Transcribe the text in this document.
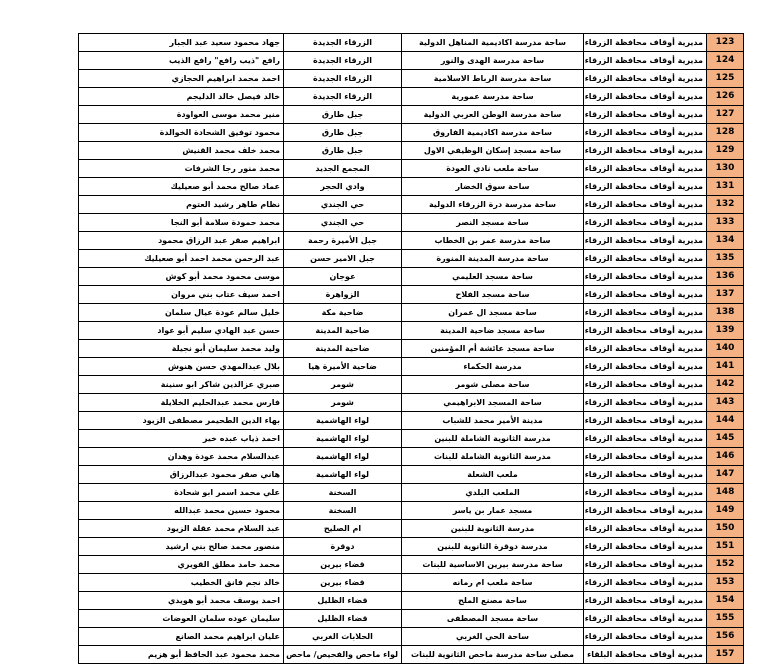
جهاد محمود سعيد عبد الجبار	الزرقاء الجديدة	ساحة مدرسة اكاديمية المناهل الدولية	مديرية أوقاف محافظة الزرقاء	123
رافع "ذيب رافع" رافع الذيب	الزرقاء الجديدة	ساحة مدرسة الهدى والنور	مديرية أوقاف محافظة الزرقاء	124
احمد محمد ابراهيم الحجازي	الزرقاء الجديدة	ساحة مدرسة الرباط الاسلامية	مديرية أوقاف محافظة الزرقاء	125
خالد فيصل خالد الدليجم	الزرقاء الجديدة	ساحة مدرسة عمورية	مديرية أوقاف محافظة الزرقاء	126
منير محمد موسى العواودة	جبل طارق	ساحة مدرسة الوطن العربي الدولية	مديرية أوقاف محافظة الزرقاء	127
محمود توفيق الشحادة الخوالدة	جبل طارق	ساحة مدرسة اكاديمية الفاروق	مديرية أوقاف محافظة الزرقاء	128
محمد خلف محمد القنيش	جبل طارق	ساحة مسجد إسكان الوظيفي الاول	مديرية أوقاف محافظة الزرقاء	129
محمد منور رجا الشرفات	المجمع الجديد	ساحة ملعب نادي العودة	مديرية أوقاف محافظة الزرقاء	130
عماد صالح محمد أبو صعيليك	وادي الحجر	ساحة سوق الخضار	مديرية أوقاف محافظة الزرقاء	131
نظام طاهر رشيد العتوم	حي الجندي	ساحة مدرسة درة الزرقاء الدولية	مديرية أوقاف محافظة الزرقاء	132
محمد حمودة سلامة أبو النجا	حي الجندي	ساحة مسجد النصر	مديرية أوقاف محافظة الزرقاء	133
ابراهيم صقر عبد الرزاق محمود	جبل الأميرة رحمة	ساحة مدرسة عمر بن الخطاب	مديرية أوقاف محافظة الزرقاء	134
عبد الرحمن محمد احمد أبو صعيليك	جبل الامير حسن	ساحة مدرسة المدينة المنورة	مديرية أوقاف محافظة الزرقاء	135
موسى محمود محمد أبو كوش	عوجان	ساحة مسجد العليمي	مديرية أوقاف محافظة الزرقاء	136
احمد سيف عتاب بني مروان	الزواهرة	ساحة مسجد الفلاح	مديرية أوقاف محافظة الزرقاء	137
خليل سالم عودة عيال سلمان	ضاحية مكة	ساحة مسجد ال عمران	مديرية أوقاف محافظة الزرقاء	138
حسن عبد الهادي سليم أبو عواد	ضاحية المدينة	ساحة مسجد ضاحية المدينة	مديرية أوقاف محافظة الزرقاء	139
وليد محمد سليمان أبو نجيلة	ضاحية المدينة	ساحة مسجد عائشة أم المؤمنين	مديرية أوقاف محافظة الزرقاء	140
بلال عبدالمهدي حسن هنوش	ضاحية الأميرة هيا	مدرسة الحكماء	مديرية أوقاف محافظة الزرقاء	141
صبري عزالدين شاكر ابو سنينة	شومر	ساحة مصلى شومر	مديرية أوقاف محافظة الزرقاء	142
فارس محمد عبدالحليم الخلايلة	شومر	ساحة المسجد الابراهيمي	مديرية أوقاف محافظة الزرقاء	143
بهاء الدين الطحيمر مصطفى الزيود	لواء الهاشمية	مدينة الأمير محمد للشباب	مديرية أوقاف محافظة الزرقاء	144
احمد ذياب عبده خير	لواء الهاشمية	مدرسة الثانوية الشاملة للبنين	مديرية أوقاف محافظة الزرقاء	145
عبدالسلام محمد عودة وهدان	لواء الهاشمية	مدرسة الثانوية الشاملة للبنات	مديرية أوقاف محافظة الزرقاء	146
هاني صقر محمود عبدالرزاق	لواء الهاشمية	ملعب الشعلة	مديرية أوقاف محافظة الزرقاء	147
علي محمد اسمر ابو شحادة	السخنة	الملعب البلدي	مديرية أوقاف محافظة الزرقاء	148
محمود حسين محمد عبدالله	السخنة	مسجد عمار بن ياسر	مديرية أوقاف محافظة الزرقاء	149
عبد السلام محمد عقلة الزيود	ام الصليح	مدرسة الثانوية للبنين	مديرية أوقاف محافظة الزرقاء	150
منصور محمد صالح بني ارشيد	دوقرة	مدرسة دوقرة الثانوية للبنين	مديرية أوقاف محافظة الزرقاء	151
محمد حامد مطلق القويري	قضاء بيرين	ساحة مدرسة بيرين الاساسية للبنات	مديرية أوقاف محافظة الزرقاء	152
خالد نجم فانق الخطيب	قضاء بيرين	ساحة ملعب ام رمانه	مديرية أوقاف محافظة الزرقاء	153
احمد يوسف محمد أبو هويدي	قضاء الظليل	ساحة مصنع الملح	مديرية أوقاف محافظة الزرقاء	154
سليمان عوده سلمان العوضات	قضاء الظليل	ساحة مسجد المصطفى	مديرية أوقاف محافظة الزرقاء	155
عليان ابراهيم محمد الصانع	الحلابات الغربي	ساحة الحي الغربي	مديرية أوقاف محافظة الزرقاء	156
محمد محمود عبد الحافظ أبو هزيم	لواء ماحص والفحيص/ ماحص	مصلى ساحة مدرسة ماحص الثانوية للبنات	مديرية أوقاف محافظة البلقاء	157
